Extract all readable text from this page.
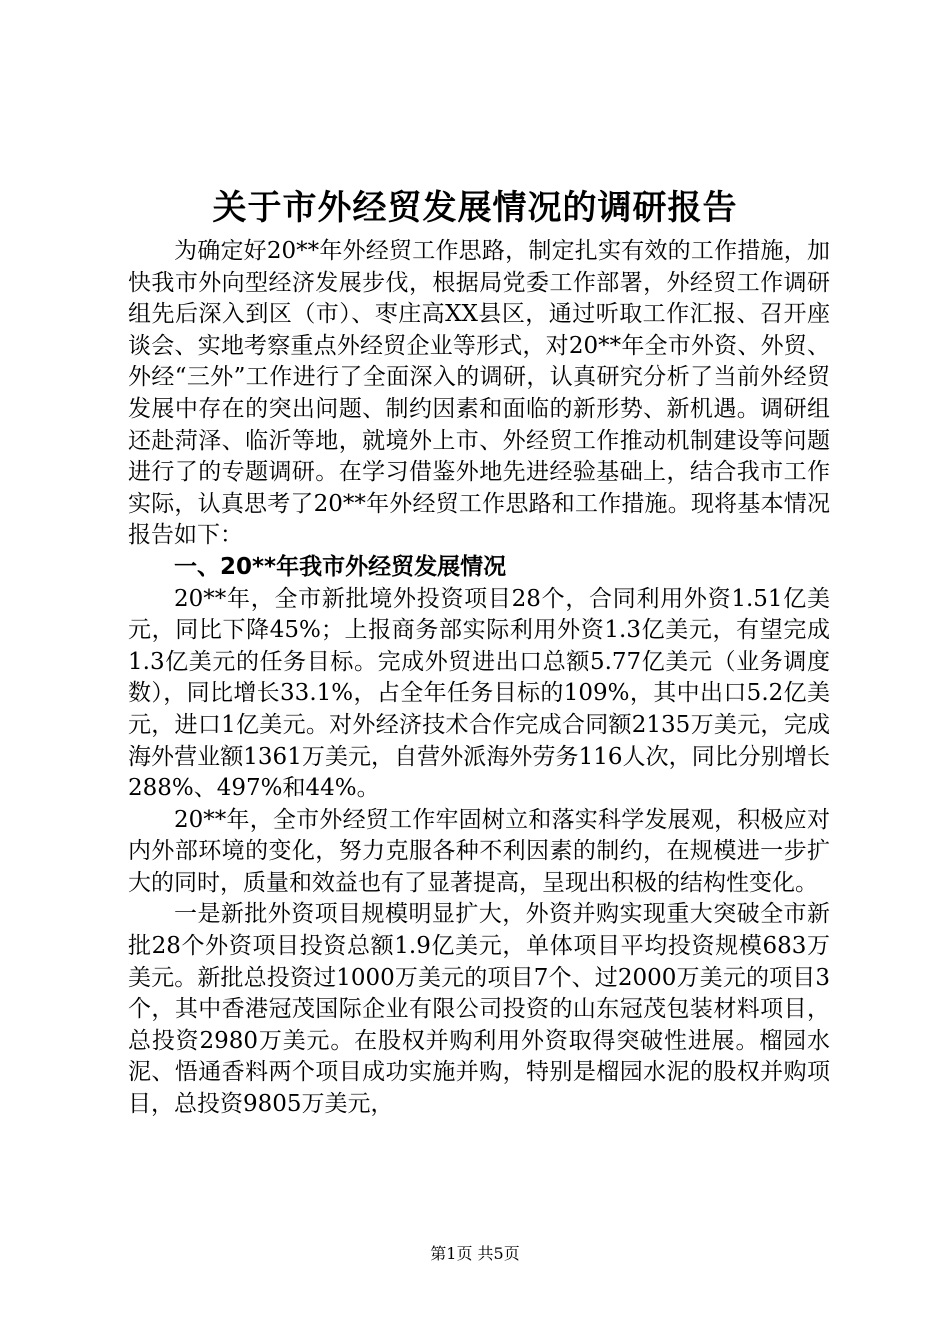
关于市外经贸发展情况的调研报告

为确定好20**年外经贸工作思路，制定扎实有效的工作措施，加快我市外向型经济发展步伐，根据局党委工作部署，外经贸工作调研组先后深入到区（市）、枣庄高XX县区，通过听取工作汇报、召开座谈会、实地考察重点外经贸企业等形式，对20**年全市外资、外贸、外经“三外”工作进行了全面深入的调研，认真研究分析了当前外经贸发展中存在的突出问题、制约因素和面临的新形势、新机遇。调研组还赴菏泽、临沂等地，就境外上市、外经贸工作推动机制建设等问题进行了的专题调研。在学习借鉴外地先进经验基础上，结合我市工作实际，认真思考了20**年外经贸工作思路和工作措施。现将基本情况报告如下：

一、20**年我市外经贸发展情况

20**年，全市新批境外投资项目28个，合同利用外资1.51亿美元，同比下降45%；上报商务部实际利用外资1.3亿美元，有望完成1.3亿美元的任务目标。完成外贸进出口总额5.77亿美元（业务调度数），同比增长33.1%，占全年任务目标的109%，其中出口5.2亿美元，进口1亿美元。对外经济技术合作完成合同额2135万美元，完成海外营业额1361万美元，自营外派海外劳务116人次，同比分别增长288%、497%和44%。

20**年，全市外经贸工作牢固树立和落实科学发展观，积极应对内外部环境的变化，努力克服各种不利因素的制约，在规模进一步扩大的同时，质量和效益也有了显著提高，呈现出积极的结构性变化。

一是新批外资项目规模明显扩大，外资并购实现重大突破全市新批28个外资项目投资总额1.9亿美元，单体项目平均投资规模683万美元。新批总投资过1000万美元的项目7个、过2000万美元的项目3个，其中香港冠茂国际企业有限公司投资的山东冠茂包装材料项目，总投资2980万美元。在股权并购利用外资取得突破性进展。榴园水泥、悟通香料两个项目成功实施并购，特别是榴园水泥的股权并购项目，总投资9805万美元，

第1页 共5页
